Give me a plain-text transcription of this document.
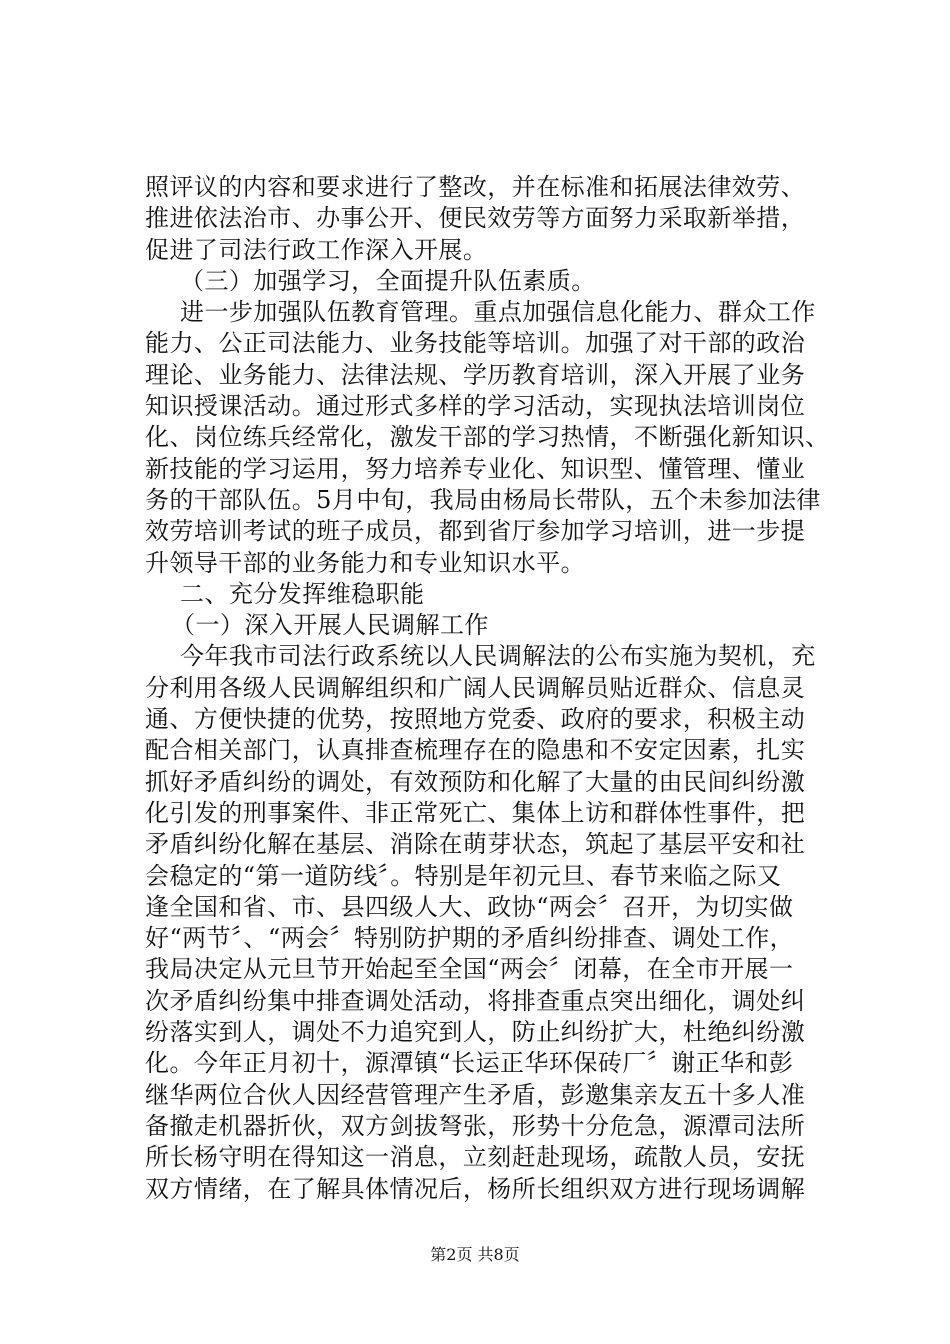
照评议的内容和要求进行了整改，并在标准和拓展法律效劳、
推进依法治市、办事公开、便民效劳等方面努力采取新举措，
促进了司法行政工作深入开展。
（三）加强学习，全面提升队伍素质。
进一步加强队伍教育管理。重点加强信息化能力、群众工作
能力、公正司法能力、业务技能等培训。加强了对干部的政治
理论、业务能力、法律法规、学历教育培训，深入开展了业务
知识授课活动。通过形式多样的学习活动，实现执法培训岗位
化、岗位练兵经常化，激发干部的学习热情，不断强化新知识、
新技能的学习运用，努力培养专业化、知识型、懂管理、懂业
务的干部队伍。5月中旬，我局由杨局长带队，五个未参加法律
效劳培训考试的班子成员，都到省厅参加学习培训，进一步提
升领导干部的业务能力和专业知识水平。
二、充分发挥维稳职能
（一）深入开展人民调解工作
今年我市司法行政系统以人民调解法的公布实施为契机，充
分利用各级人民调解组织和广阔人民调解员贴近群众、信息灵
通、方便快捷的优势，按照地方党委、政府的要求，积极主动
配合相关部门，认真排查梳理存在的隐患和不安定因素，扎实
抓好矛盾纠纷的调处，有效预防和化解了大量的由民间纠纷激
化引发的刑事案件、非正常死亡、集体上访和群体性事件，把
矛盾纠纷化解在基层、消除在萌芽状态，筑起了基层平安和社
会稳定的“第一道防线〞。特别是年初元旦、春节来临之际又
逢全国和省、市、县四级人大、政协“两会〞召开，为切实做
好“两节〞、“两会〞特别防护期的矛盾纠纷排查、调处工作，
我局决定从元旦节开始起至全国“两会〞闭幕，在全市开展一
次矛盾纠纷集中排查调处活动，将排查重点突出细化，调处纠
纷落实到人，调处不力追究到人，防止纠纷扩大，杜绝纠纷激
化。今年正月初十，源潭镇“长运正华环保砖厂〞谢正华和彭
继华两位合伙人因经营管理产生矛盾，彭邀集亲友五十多人准
备撤走机器折伙，双方剑拔弩张，形势十分危急，源潭司法所
所长杨守明在得知这一消息，立刻赶赴现场，疏散人员，安抚
双方情绪，在了解具体情况后，杨所长组织双方进行现场调解
第2页 共8页
